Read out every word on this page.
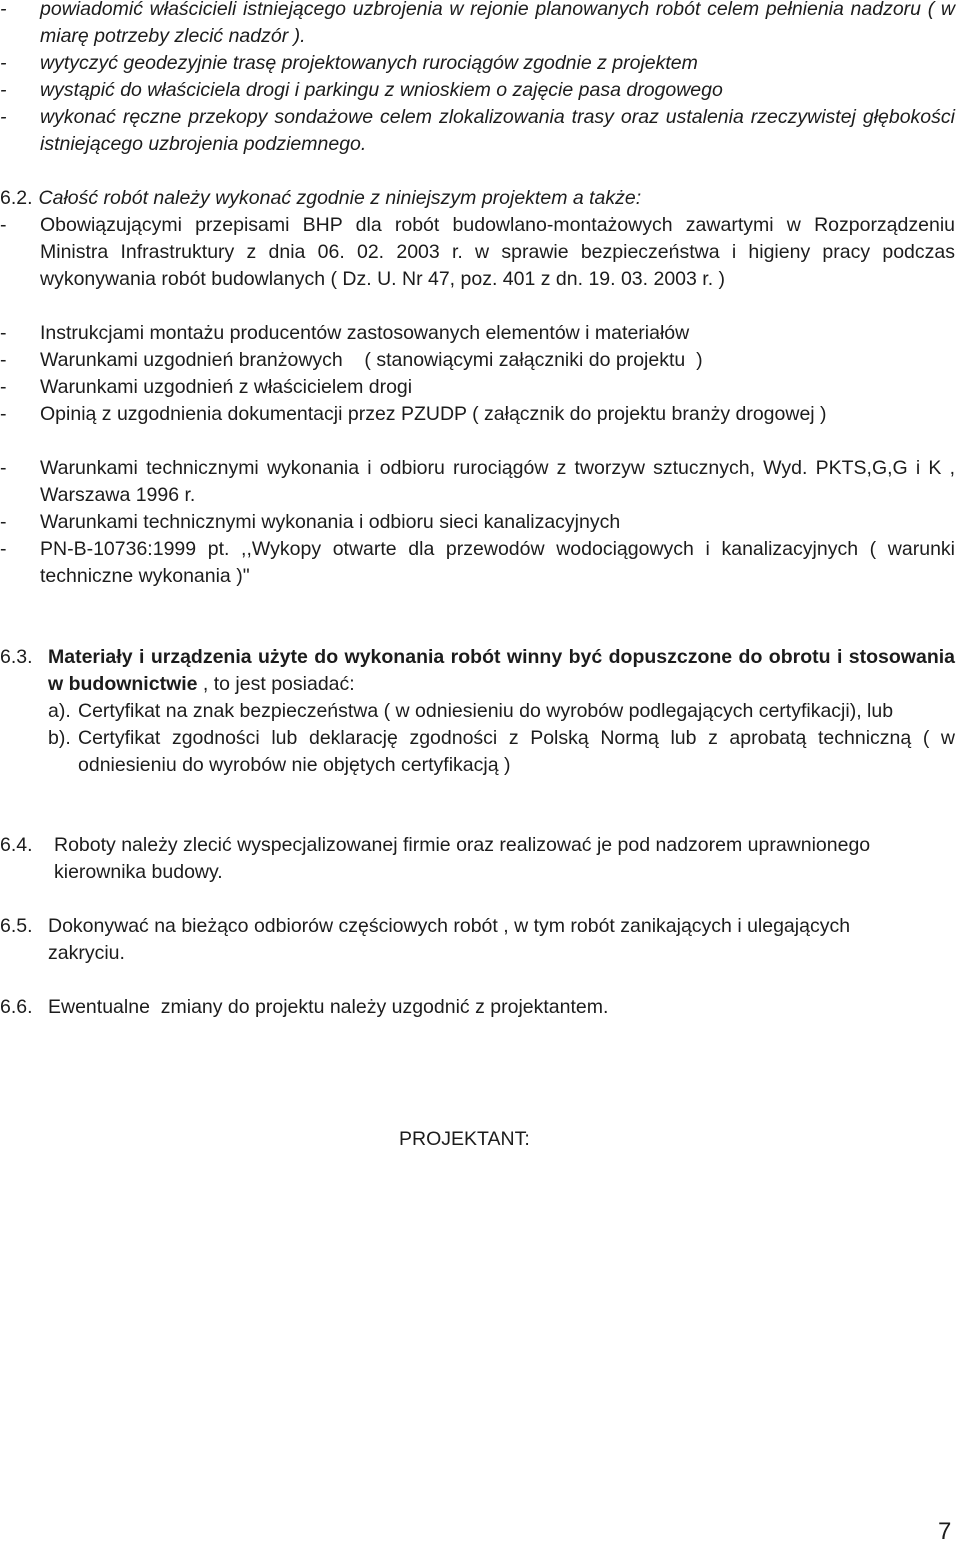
-	powiadomić właścicieli istniejącego uzbrojenia w rejonie planowanych robót celem pełnienia nadzoru ( w miarę potrzeby zlecić nadzór ).
-	wytyczyć geodezyjnie trasę projektowanych rurociągów zgodnie z projektem
-	wystąpić do właściciela drogi i parkingu z wnioskiem o zajęcie pasa drogowego
-	wykonać ręczne przekopy sondażowe celem zlokalizowania trasy oraz ustalenia rzeczywistej głębokości istniejącego uzbrojenia podziemnego.
6.2. Całość robót należy wykonać zgodnie z niniejszym projektem a także:
-	Obowiązującymi przepisami BHP dla robót budowlano-montażowych zawartymi w Rozporządzeniu Ministra Infrastruktury z dnia 06. 02. 2003 r. w sprawie bezpieczeństwa i higieny pracy podczas wykonywania robót budowlanych ( Dz. U. Nr 47, poz. 401 z dn. 19. 03. 2003 r. )
-	Instrukcjami montażu producentów zastosowanych elementów i materiałów
-	Warunkami uzgodnień branżowych    ( stanowiącymi załączniki do projektu  )
-	Warunkami uzgodnień z właścicielem drogi
-	Opinią z uzgodnienia dokumentacji przez PZUDP ( załącznik do projektu branży drogowej )
-	Warunkami technicznymi wykonania i odbioru rurociągów z tworzyw sztucznych, Wyd. PKTS,G,G i K , Warszawa 1996 r.
-	Warunkami technicznymi wykonania i odbioru sieci kanalizacyjnych
-	PN-B-10736:1999 pt. ,,Wykopy otwarte dla przewodów wodociągowych i kanalizacyjnych ( warunki techniczne wykonania )"
6.3. Materiały i urządzenia użyte do wykonania robót winny być dopuszczone do obrotu i stosowania w budownictwie , to jest posiadać:
a). Certyfikat na znak bezpieczeństwa ( w odniesieniu do wyrobów podlegających certyfikacji), lub
b). Certyfikat zgodności lub deklarację zgodności z Polską Normą lub z aprobatą techniczną ( w odniesieniu do wyrobów nie objętych certyfikacją )
6.4.	Roboty należy zlecić wyspecjalizowanej firmie oraz realizować je pod nadzorem uprawnionego kierownika budowy.
6.5. Dokonywać na bieżąco odbiorów częściowych robót , w tym robót zanikających i ulegających zakryciu.
6.6. Ewentualne  zmiany do projektu należy uzgodnić z projektantem.
PROJEKTANT:
7
